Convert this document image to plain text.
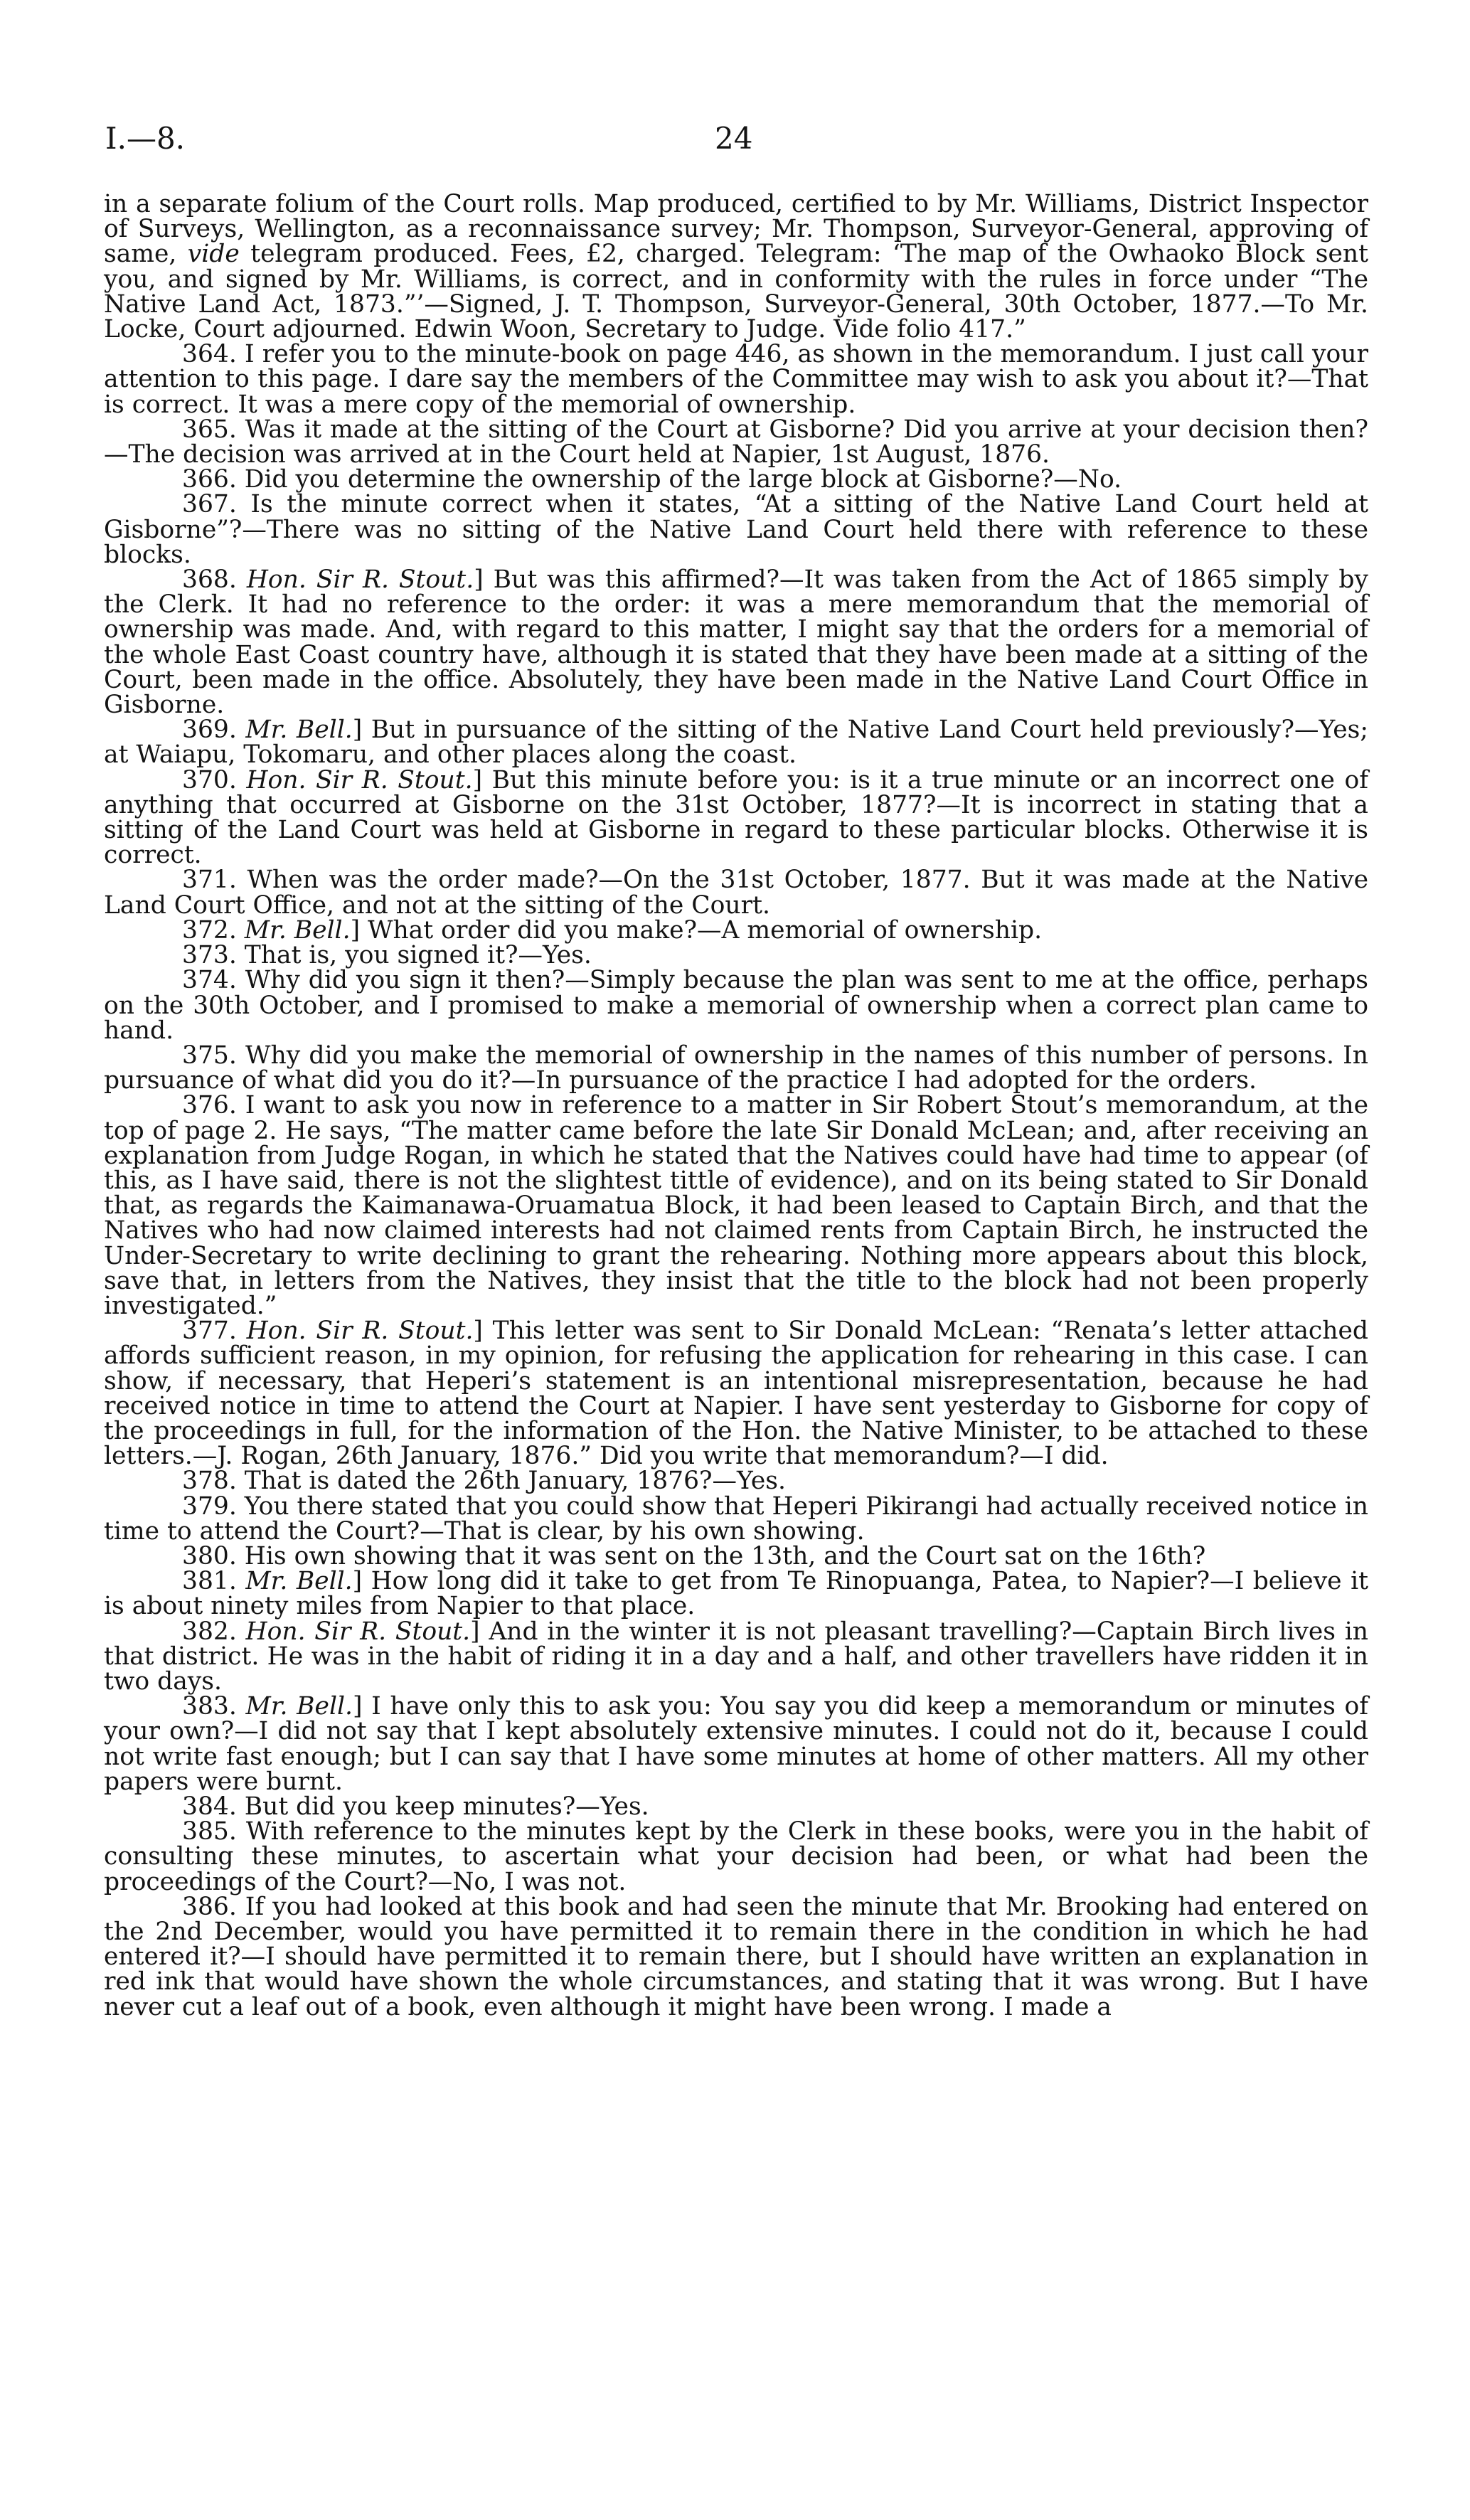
I.—8.	24

in a separate folium of the Court rolls. Map produced, certified to by Mr. Williams, District Inspector of Surveys, Wellington, as a reconnaissance survey; Mr. Thompson, Surveyor-General, approving of same, vide telegram produced. Fees, £2, charged. Telegram: ‘The map of the Owhaoko Block sent you, and signed by Mr. Williams, is correct, and in conformity with the rules in force under “The Native Land Act, 1873.”’—Signed, J. T. Thompson, Surveyor-General, 30th October, 1877.—To Mr. Locke, Court adjourned. Edwin Woon, Secretary to Judge. Vide folio 417.”

364. I refer you to the minute-book on page 446, as shown in the memorandum. I just call your attention to this page. I dare say the members of the Committee may wish to ask you about it?—That is correct. It was a mere copy of the memorial of ownership.

365. Was it made at the sitting of the Court at Gisborne? Did you arrive at your decision then?—The decision was arrived at in the Court held at Napier, 1st August, 1876.

366. Did you determine the ownership of the large block at Gisborne?—No.

367. Is the minute correct when it states, “At a sitting of the Native Land Court held at Gisborne”?—There was no sitting of the Native Land Court held there with reference to these blocks.

368. Hon. Sir R. Stout.] But was this affirmed?—It was taken from the Act of 1865 simply by the Clerk. It had no reference to the order: it was a mere memorandum that the memorial of ownership was made. And, with regard to this matter, I might say that the orders for a memorial of the whole East Coast country have, although it is stated that they have been made at a sitting of the Court, been made in the office. Absolutely, they have been made in the Native Land Court Office in Gisborne.

369. Mr. Bell.] But in pursuance of the sitting of the Native Land Court held previously?—Yes; at Waiapu, Tokomaru, and other places along the coast.

370. Hon. Sir R. Stout.] But this minute before you: is it a true minute or an incorrect one of anything that occurred at Gisborne on the 31st October, 1877?—It is incorrect in stating that a sitting of the Land Court was held at Gisborne in regard to these particular blocks. Otherwise it is correct.

371. When was the order made?—On the 31st October, 1877. But it was made at the Native Land Court Office, and not at the sitting of the Court.

372. Mr. Bell.] What order did you make?—A memorial of ownership.

373. That is, you signed it?—Yes.

374. Why did you sign it then?—Simply because the plan was sent to me at the office, perhaps on the 30th October, and I promised to make a memorial of ownership when a correct plan came to hand.

375. Why did you make the memorial of ownership in the names of this number of persons. In pursuance of what did you do it?—In pursuance of the practice I had adopted for the orders.

376. I want to ask you now in reference to a matter in Sir Robert Stout’s memorandum, at the top of page 2. He says, “The matter came before the late Sir Donald McLean; and, after receiving an explanation from Judge Rogan, in which he stated that the Natives could have had time to appear (of this, as I have said, there is not the slightest tittle of evidence), and on its being stated to Sir Donald that, as regards the Kaimanawa-Oruamatua Block, it had been leased to Captain Birch, and that the Natives who had now claimed interests had not claimed rents from Captain Birch, he instructed the Under-Secretary to write declining to grant the rehearing. Nothing more appears about this block, save that, in letters from the Natives, they insist that the title to the block had not been properly investigated.”

377. Hon. Sir R. Stout.] This letter was sent to Sir Donald McLean: “Renata’s letter attached affords sufficient reason, in my opinion, for refusing the application for rehearing in this case. I can show, if necessary, that Heperi’s statement is an intentional misrepresentation, because he had received notice in time to attend the Court at Napier. I have sent yesterday to Gisborne for copy of the proceedings in full, for the information of the Hon. the Native Minister, to be attached to these letters.—J. Rogan, 26th January, 1876.” Did you write that memorandum?—I did.

378. That is dated the 26th January, 1876?—Yes.

379. You there stated that you could show that Heperi Pikirangi had actually received notice in time to attend the Court?—That is clear, by his own showing.

380. His own showing that it was sent on the 13th, and the Court sat on the 16th?

381. Mr. Bell.] How long did it take to get from Te Rinopuanga, Patea, to Napier?—I believe it is about ninety miles from Napier to that place.

382. Hon. Sir R. Stout.] And in the winter it is not pleasant travelling?—Captain Birch lives in that district. He was in the habit of riding it in a day and a half, and other travellers have ridden it in two days.

383. Mr. Bell.] I have only this to ask you: You say you did keep a memorandum or minutes of your own?—I did not say that I kept absolutely extensive minutes. I could not do it, because I could not write fast enough; but I can say that I have some minutes at home of other matters. All my other papers were burnt.

384. But did you keep minutes?—Yes.

385. With reference to the minutes kept by the Clerk in these books, were you in the habit of consulting these minutes, to ascertain what your decision had been, or what had been the proceedings of the Court?—No, I was not.

386. If you had looked at this book and had seen the minute that Mr. Brooking had entered on the 2nd December, would you have permitted it to remain there in the condition in which he had entered it?—I should have permitted it to remain there, but I should have written an explanation in red ink that would have shown the whole circumstances, and stating that it was wrong. But I have never cut a leaf out of a book, even although it might have been wrong. I made a
